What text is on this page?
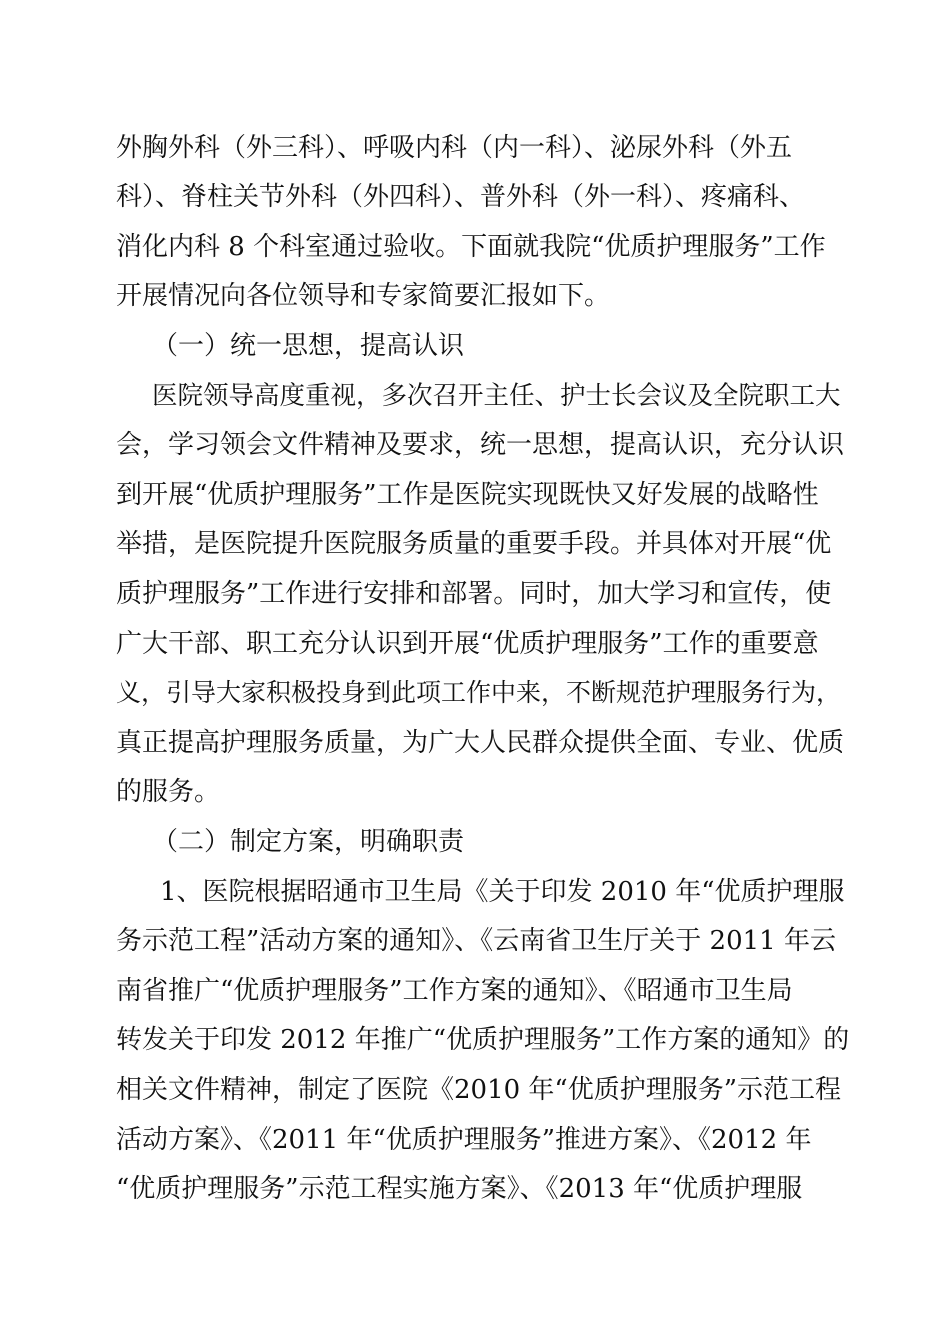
外胸外科（外三科）、呼吸内科（内一科）、泌尿外科（外五
科）、脊柱关节外科（外四科）、普外科（外一科）、疼痛科、
消化内科 8 个科室通过验收。下面就我院“优质护理服务”工作
开展情况向各位领导和专家简要汇报如下。
（一）统一思想，提高认识
医院领导高度重视，多次召开主任、护士长会议及全院职工大
会，学习领会文件精神及要求，统一思想，提高认识，充分认识
到开展“优质护理服务”工作是医院实现既快又好发展的战略性
举措，是医院提升医院服务质量的重要手段。并具体对开展“优
质护理服务”工作进行安排和部署。同时，加大学习和宣传，使
广大干部、职工充分认识到开展“优质护理服务”工作的重要意
义，引导大家积极投身到此项工作中来，不断规范护理服务行为，
真正提高护理服务质量，为广大人民群众提供全面、专业、优质
的服务。
（二）制定方案，明确职责
1、医院根据昭通市卫生局《关于印发 2010 年“优质护理服
务示范工程”活动方案的通知》、《云南省卫生厅关于 2011 年云
南省推广“优质护理服务”工作方案的通知》、《昭通市卫生局
转发关于印发 2012 年推广“优质护理服务”工作方案的通知》的
相关文件精神，制定了医院《2010 年“优质护理服务”示范工程
活动方案》、《2011 年“优质护理服务”推进方案》、《2012 年
“优质护理服务”示范工程实施方案》、《2013 年“优质护理服
